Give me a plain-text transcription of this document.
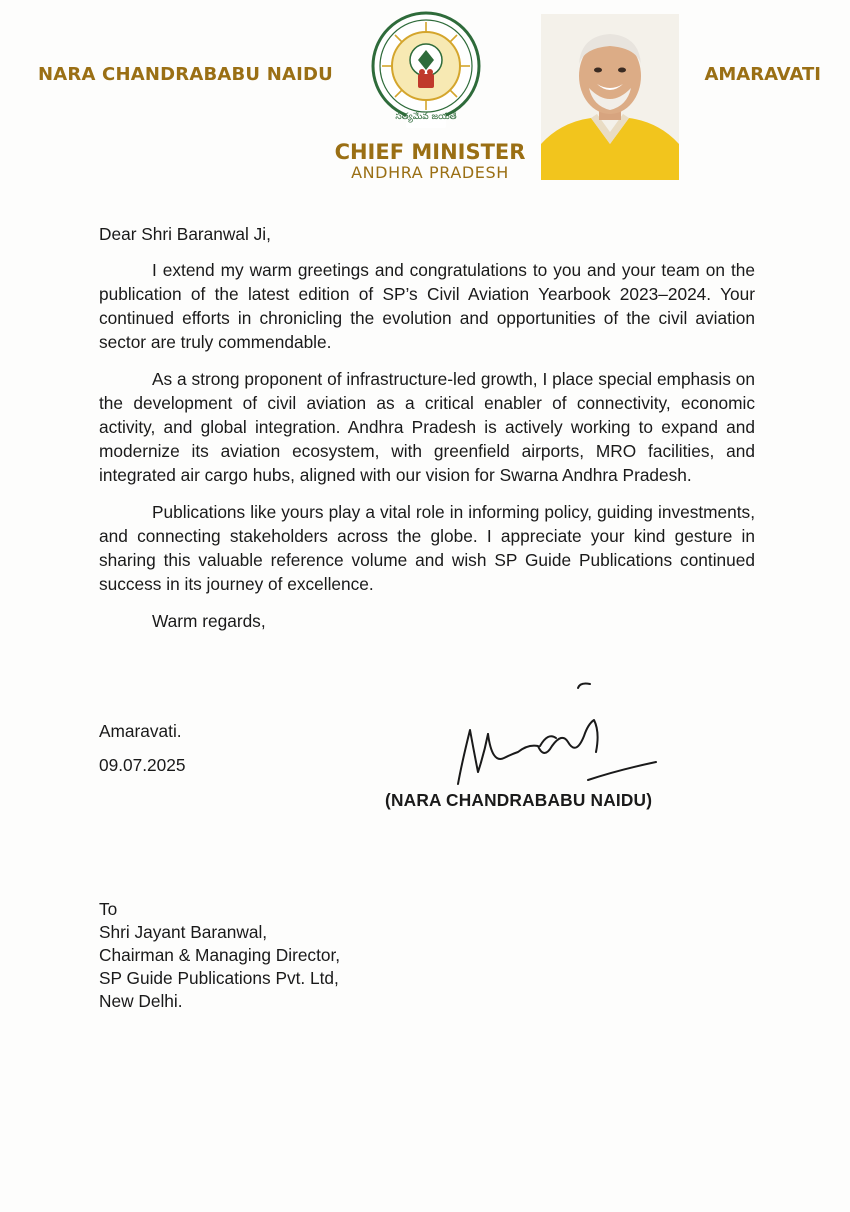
NARA CHANDRABABU NAIDU
సత్యమేవ జయతే
CHIEF MINISTER
ANDHRA PRADESH
AMARAVATI

Dear Shri Baranwal Ji,

I extend my warm greetings and congratulations to you and your team on the publication of the latest edition of SP’s Civil Aviation Yearbook 2023–2024. Your continued efforts in chronicling the evolution and opportunities of the civil aviation sector are truly commendable.

As a strong proponent of infrastructure-led growth, I place special emphasis on the development of civil aviation as a critical enabler of connectivity, economic activity, and global integration. Andhra Pradesh is actively working to expand and modernize its aviation ecosystem, with greenfield airports, MRO facilities, and integrated air cargo hubs, aligned with our vision for Swarna Andhra Pradesh.

Publications like yours play a vital role in informing policy, guiding investments, and connecting stakeholders across the globe. I appreciate your kind gesture in sharing this valuable reference volume and wish SP Guide Publications continued success in its journey of excellence.

Warm regards,

Amaravati.
09.07.2025
(NARA CHANDRABABU NAIDU)
To
Shri Jayant Baranwal,
Chairman & Managing Director,
SP Guide Publications Pvt. Ltd,
New Delhi.
